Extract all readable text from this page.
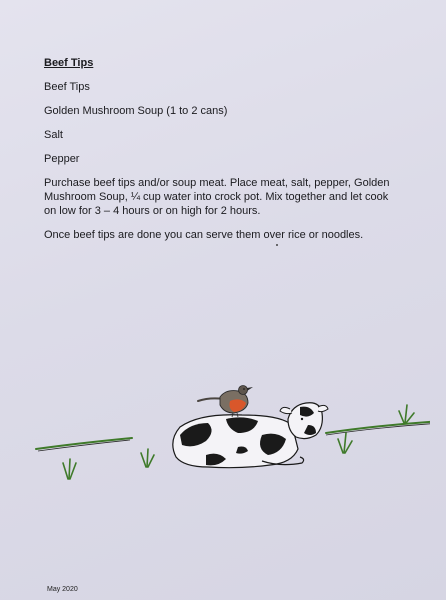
Beef Tips

Beef Tips

Golden Mushroom Soup (1 to 2 cans)

Salt

Pepper

Purchase beef tips and/or soup meat. Place meat, salt, pepper, Golden Mushroom Soup, ¼ cup water into crock pot. Mix together and let cook on low for 3 – 4 hours or on high for 2 hours.

Once beef tips are done you can serve them over rice or noodles.

May 2020
